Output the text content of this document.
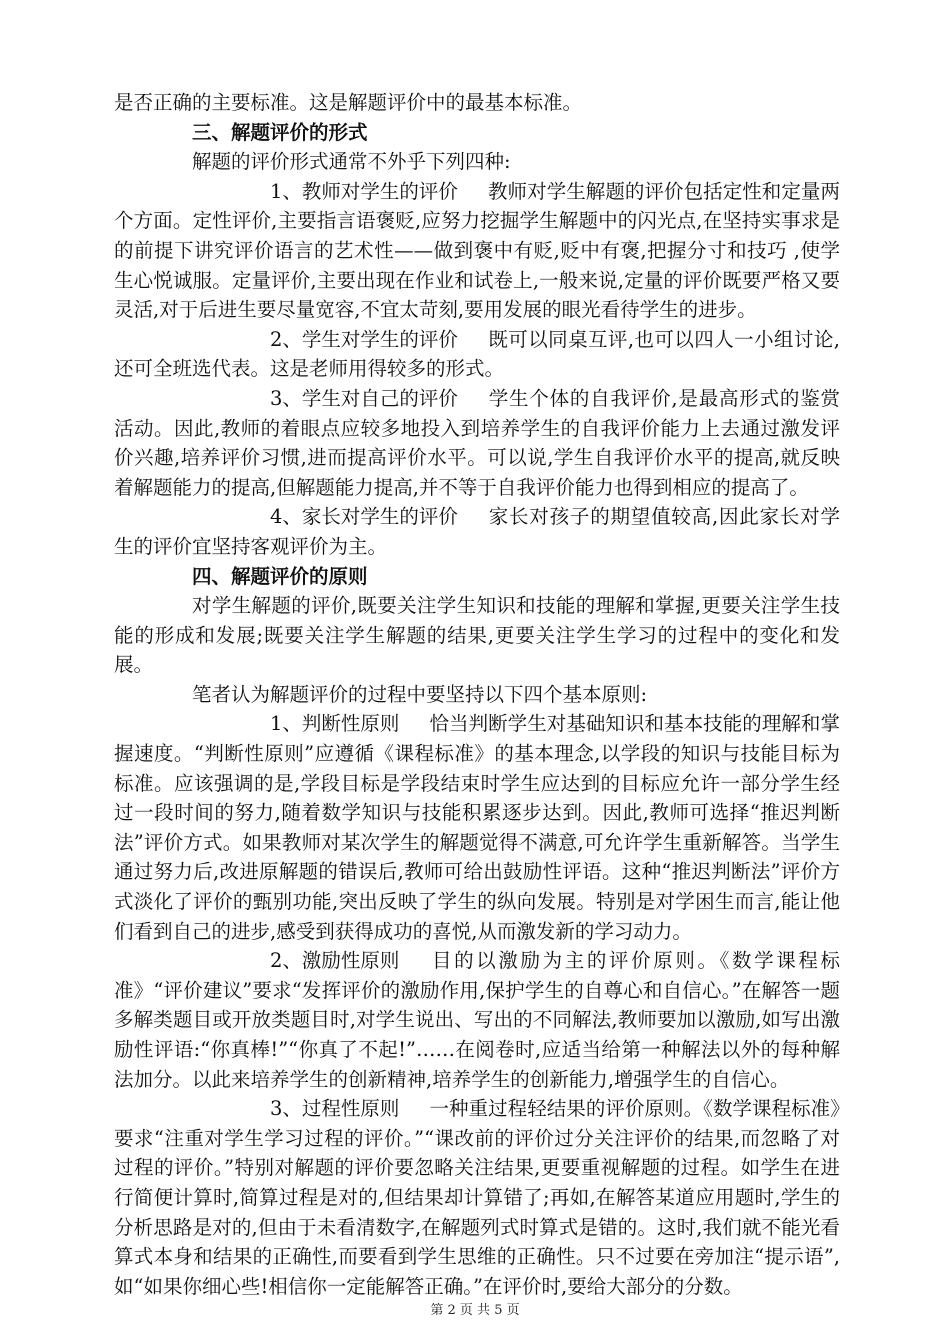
是否正确的主要标准。这是解题评价中的最基本标准。

三、解题评价的形式

解题的评价形式通常不外乎下列四种:

1、教师对学生的评价 教师对学生解题的评价包括定性和定量两个方面。定性评价,主要指言语褒贬,应努力挖掘学生解题中的闪光点,在坚持实事求是的前提下讲究评价语言的艺术性——做到褒中有贬,贬中有褒,把握分寸和技巧 ,使学生心悦诚服。定量评价,主要出现在作业和试卷上,一般来说,定量的评价既要严格又要灵活,对于后进生要尽量宽容,不宜太苛刻,要用发展的眼光看待学生的进步。

2、学生对学生的评价 既可以同桌互评,也可以四人一小组讨论,还可全班选代表。这是老师用得较多的形式。

3、学生对自己的评价 学生个体的自我评价,是最高形式的鉴赏活动。因此,教师的着眼点应较多地投入到培养学生的自我评价能力上去通过激发评价兴趣,培养评价习惯,进而提高评价水平。可以说,学生自我评价水平的提高,就反映着解题能力的提高,但解题能力提高,并不等于自我评价能力也得到相应的提高了。

4、家长对学生的评价 家长对孩子的期望值较高,因此家长对学生的评价宜坚持客观评价为主。

四、解题评价的原则

对学生解题的评价,既要关注学生知识和技能的理解和掌握,更要关注学生技能的形成和发展;既要关注学生解题的结果,更要关注学生学习的过程中的变化和发展。

笔者认为解题评价的过程中要坚持以下四个基本原则:

1、判断性原则 恰当判断学生对基础知识和基本技能的理解和掌握速度。“判断性原则”应遵循《课程标准》的基本理念,以学段的知识与技能目标为标准。应该强调的是,学段目标是学段结束时学生应达到的目标应允许一部分学生经过一段时间的努力,随着数学知识与技能积累逐步达到。因此,教师可选择“推迟判断法”评价方式。如果教师对某次学生的解题觉得不满意,可允许学生重新解答。当学生通过努力后,改进原解题的错误后,教师可给出鼓励性评语。这种“推迟判断法”评价方式淡化了评价的甄别功能,突出反映了学生的纵向发展。特别是对学困生而言,能让他们看到自己的进步,感受到获得成功的喜悦,从而激发新的学习动力。

2、激励性原则 目的以激励为主的评价原则。《数学课程标准》“评价建议”要求“发挥评价的激励作用,保护学生的自尊心和自信心。”在解答一题多解类题目或开放类题目时,对学生说出、写出的不同解法,教师要加以激励,如写出激励性评语:“你真棒!”“你真了不起!”……在阅卷时,应适当给第一种解法以外的每种解法加分。以此来培养学生的创新精神,培养学生的创新能力,增强学生的自信心。

3、过程性原则 一种重过程轻结果的评价原则。《数学课程标准》要求“注重对学生学习过程的评价。”“课改前的评价过分关注评价的结果,而忽略了对过程的评价。”特别对解题的评价要忽略关注结果,更要重视解题的过程。如学生在进行简便计算时,简算过程是对的,但结果却计算错了;再如,在解答某道应用题时,学生的分析思路是对的,但由于未看清数字,在解题列式时算式是错的。这时,我们就不能光看算式本身和结果的正确性,而要看到学生思维的正确性。只不过要在旁加注“提示语”,如“如果你细心些!相信你一定能解答正确。”在评价时,要给大部分的分数。

第 2 页 共 5 页
